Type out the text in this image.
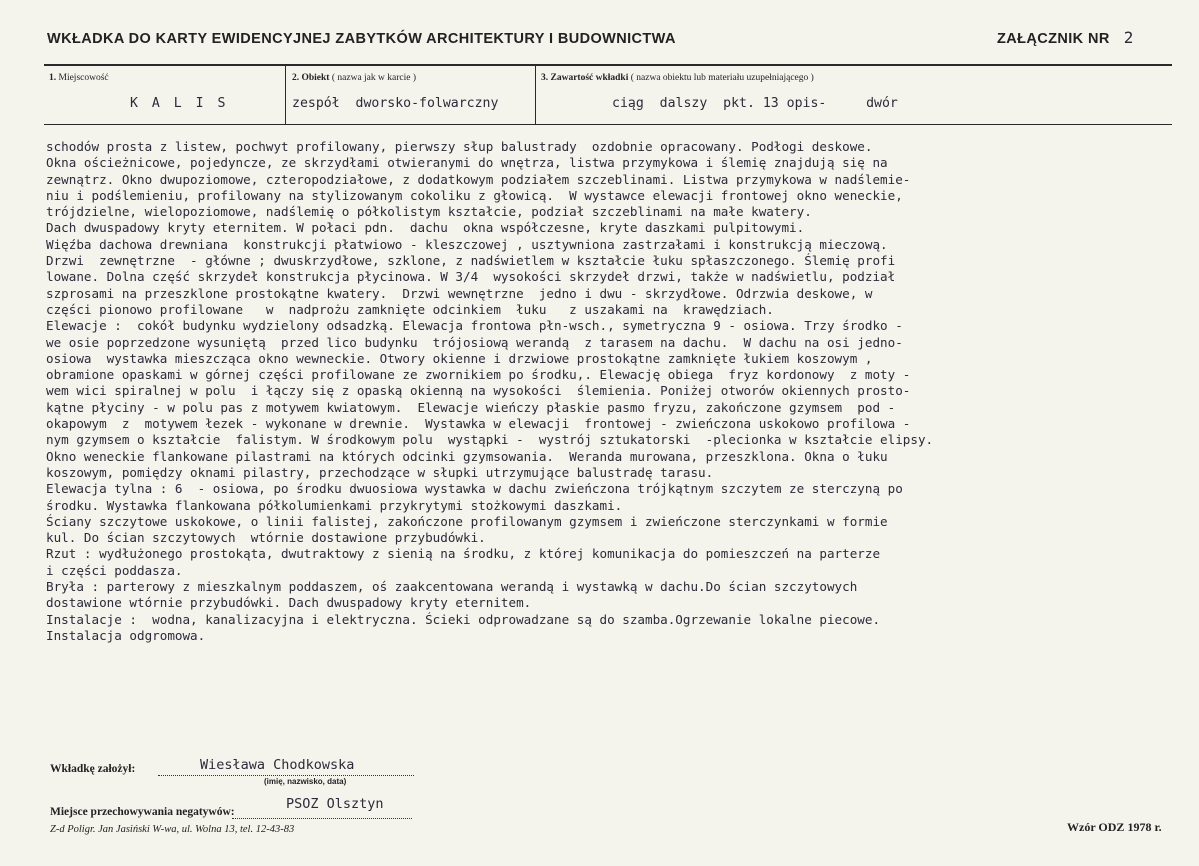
WKŁADKA DO KARTY EWIDENCYJNEJ ZABYTKÓW ARCHITEKTURY I BUDOWNICTWA	ZAŁĄCZNIK NR 2
1. Miejscowość
K A L I S
2. Obiekt ( nazwa jak w karcie )
zespół  dworsko-folwarczny
3. Zawartość wkładki ( nazwa obiektu lub materiału uzupełniającego )
ciąg  dalszy  pkt. 13 opis-     dwór
schodów prosta z listew, pochwyt profilowany, pierwszy słup balustrady  ozdobnie opracowany. Podłogi deskowe.
Okna ościeżnicowe, pojedyncze, ze skrzydłami otwieranymi do wnętrza, listwa przymykowa i ślemię znajdują się na
zewnątrz. Okno dwupoziomowe, czteropodziałowe, z dodatkowym podziałem szczeblinami. Listwa przymykowa w nadślemie-
niu i podślemieniu, profilowany na stylizowanym cokoliku z głowicą.  W wystawce elewacji frontowej okno weneckie,
trójdzielne, wielopoziomowe, nadślemię o półkolistym kształcie, podział szczeblinami na małe kwatery.
Dach dwuspadowy kryty eternitem. W połaci pdn.  dachu  okna współczesne, kryte daszkami pulpitowymi.
Więźba dachowa drewniana  konstrukcji płatwiowo - kleszczowej , usztywniona zastrzałami i konstrukcją mieczową.
Drzwi  zewnętrzne  - główne ; dwuskrzydłowe, szklone, z nadświetlem w kształcie łuku spłaszczonego. Ślemię profi
lowane. Dolna część skrzydeł konstrukcja płycinowa. W 3/4  wysokości skrzydeł drzwi, także w nadświetlu, podział
szprosami na przeszklone prostokątne kwatery.  Drzwi wewnętrzne  jedno i dwu - skrzydłowe. Odrzwia deskowe, w
części pionowo profilowane   w  nadprożu zamknięte odcinkiem  łuku   z uszakami na  krawędziach.
Elewacje :  cokół budynku wydzielony odsadzką. Elewacja frontowa płn-wsch., symetryczna 9 - osiowa. Trzy środko -
we osie poprzedzone wysuniętą  przed lico budynku  trójosiową werandą  z tarasem na dachu.  W dachu na osi jedno-
osiowa  wystawka mieszcząca okno wewneckie. Otwory okienne i drzwiowe prostokątne zamknięte łukiem koszowym ,
obramione opaskami w górnej części profilowane ze zwornikiem po środku,. Elewację obiega  fryz kordonowy  z moty -
wem wici spiralnej w polu  i łączy się z opaską okienną na wysokości  ślemienia. Poniżej otworów okiennych prosto-
kątne płyciny - w polu pas z motywem kwiatowym.  Elewacje wieńczy płaskie pasmo fryzu, zakończone gzymsem  pod -
okapowym  z  motywem łezek - wykonane w drewnie.  Wystawka w elewacji  frontowej - zwieńczona uskokowo profilowa -
nym gzymsem o kształcie  falistym. W środkowym polu  wystąpki -  wystrój sztukatorski  -plecionka w kształcie elipsy.
Okno weneckie flankowane pilastrami na których odcinki gzymsowania.  Weranda murowana, przeszklona. Okna o łuku
koszowym, pomiędzy oknami pilastry, przechodzące w słupki utrzymujące balustradę tarasu.
Elewacja tylna : 6  - osiowa, po środku dwuosiowa wystawka w dachu zwieńczona trójkątnym szczytem ze sterczyną po
środku. Wystawka flankowana półkolumienkami przykrytymi stożkowymi daszkami.
Ściany szczytowe uskokowe, o linii falistej, zakończone profilowanym gzymsem i zwieńczone sterczynkami w formie
kul. Do ścian szczytowych  wtórnie dostawione przybudówki.
Rzut : wydłużonego prostokąta, dwutraktowy z sienią na środku, z której komunikacja do pomieszczeń na parterze
i części poddasza.
Bryła : parterowy z mieszkalnym poddaszem, oś zaakcentowana werandą i wystawką w dachu.Do ścian szczytowych
dostawione wtórnie przybudówki. Dach dwuspadowy kryty eternitem.
Instalacje :  wodna, kanalizacyjna i elektryczna. Ścieki odprowadzane są do szamba.Ogrzewanie lokalne piecowe.
Instalacja odgromowa.
Wkładkę założył:	Wiesława Chodkowska
(imię, nazwisko, data)
Miejsce przechowywania negatywów:	PSOZ Olsztyn
Z-d Poligr. Jan Jasiński W-wa, ul. Wolna 13, tel. 12-43-83	Wzór ODZ 1978 r.
